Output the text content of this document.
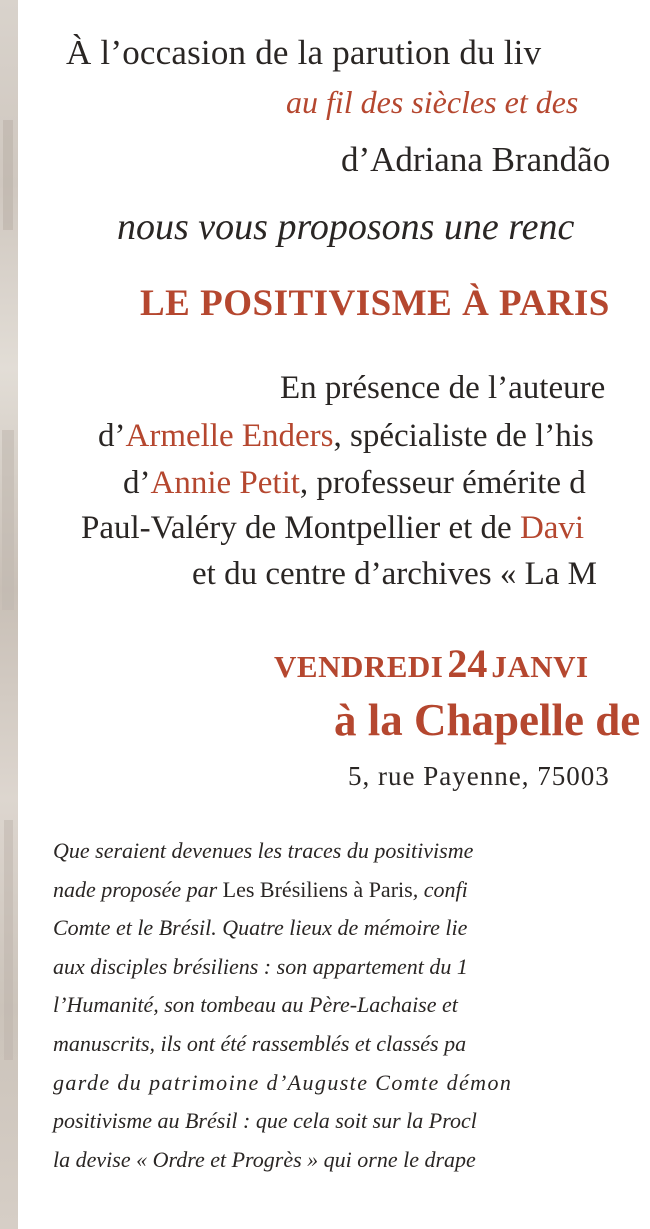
À l’occasion de la parution du liv
au fil des siècles et des
d’Adriana Brandão
nous vous proposons une renc
LE POSITIVISME À PARIS
En présence de l’auteure
d’Armelle Enders, spécialiste de l’his
d’Annie Petit, professeur émérite d
Paul-Valéry de Montpellier et de Davi
et du centre d’archives « La M
VENDREDI 24 JANVI
à la Chapelle de
5, rue Payenne, 75003
Que seraient devenues les traces du positivisme
nade proposée par Les Brésiliens à Paris, confi
Comte et le Brésil. Quatre lieux de mémoire lie
aux disciples brésiliens : son appartement du 1
l’Humanité, son tombeau au Père-Lachaise et
manuscrits, ils ont été rassemblés et classés pa
garde du patrimoine d’Auguste Comte démon
positivisme au Brésil : que cela soit sur la Procl
la devise « Ordre et Progrès » qui orne le drape
